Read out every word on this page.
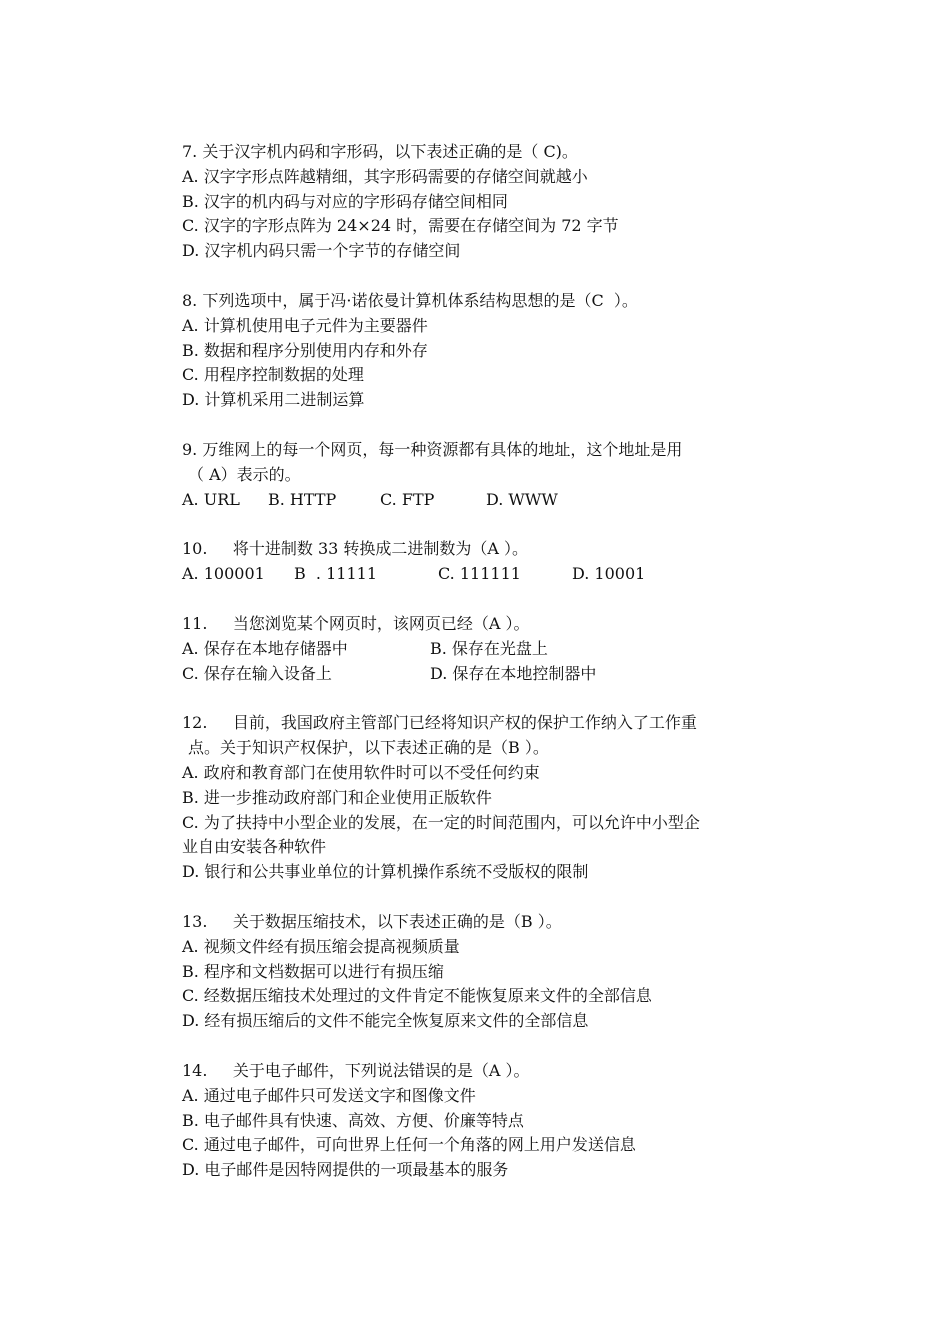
7. 关于汉字机内码和字形码，以下表述正确的是（ C)。
A. 汉字字形点阵越精细，其字形码需要的存储空间就越小
B. 汉字的机内码与对应的字形码存储空间相同
C. 汉字的字形点阵为 24×24 时，需要在存储空间为 72 字节
D. 汉字机内码只需一个字节的存储空间
8. 下列选项中，属于冯·诺依曼计算机体系结构思想的是（C  ）。
A. 计算机使用电子元件为主要器件
B. 数据和程序分别使用内存和外存
C. 用程序控制数据的处理
D. 计算机采用二进制运算
9. 万维网上的每一个网页，每一种资源都有具体的地址，这个地址是用
（ A）表示的。
A. URL	B. HTTP	C. FTP	D. WWW
10.     将十进制数 33 转换成二进制数为（A ）。
A. 100001	B  . 11111	C. 111111	D. 10001
11.     当您浏览某个网页时，该网页已经（A ）。
A. 保存在本地存储器中	B. 保存在光盘上
C. 保存在输入设备上	D. 保存在本地控制器中
12.     目前，我国政府主管部门已经将知识产权的保护工作纳入了工作重
点。关于知识产权保护，以下表述正确的是（B ）。
A. 政府和教育部门在使用软件时可以不受任何约束
B. 进一步推动政府部门和企业使用正版软件
C. 为了扶持中小型企业的发展，在一定的时间范围内，可以允许中小型企
业自由安装各种软件
D. 银行和公共事业单位的计算机操作系统不受版权的限制
13.     关于数据压缩技术，以下表述正确的是（B ）。
A. 视频文件经有损压缩会提高视频质量
B. 程序和文档数据可以进行有损压缩
C. 经数据压缩技术处理过的文件肯定不能恢复原来文件的全部信息
D. 经有损压缩后的文件不能完全恢复原来文件的全部信息
14.     关于电子邮件，下列说法错误的是（A ）。
A. 通过电子邮件只可发送文字和图像文件
B. 电子邮件具有快速、高效、方便、价廉等特点
C. 通过电子邮件，可向世界上任何一个角落的网上用户发送信息
D. 电子邮件是因特网提供的一项最基本的服务
